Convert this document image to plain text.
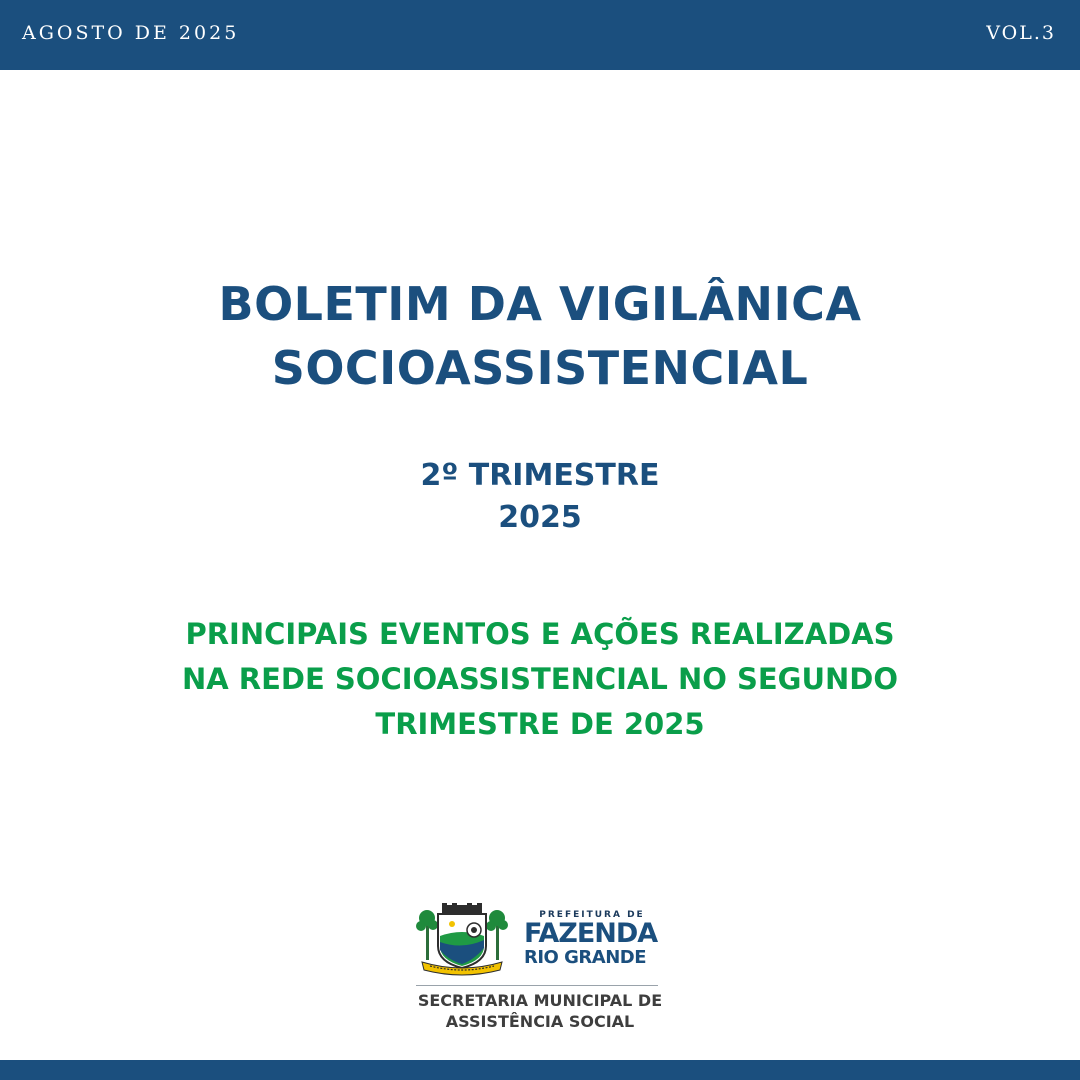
AGOSTO DE 2025	VOL.3
BOLETIM DA VIGILÂNICA
SOCIOASSISTENCIAL
2º TRIMESTRE
2025
PRINCIPAIS EVENTOS E AÇÕES REALIZADAS
NA REDE SOCIOASSISTENCIAL NO SEGUNDO
TRIMESTRE DE 2025
PREFEITURA DE
FAZENDA
RIO GRANDE
SECRETARIA MUNICIPAL DE
ASSISTÊNCIA SOCIAL
